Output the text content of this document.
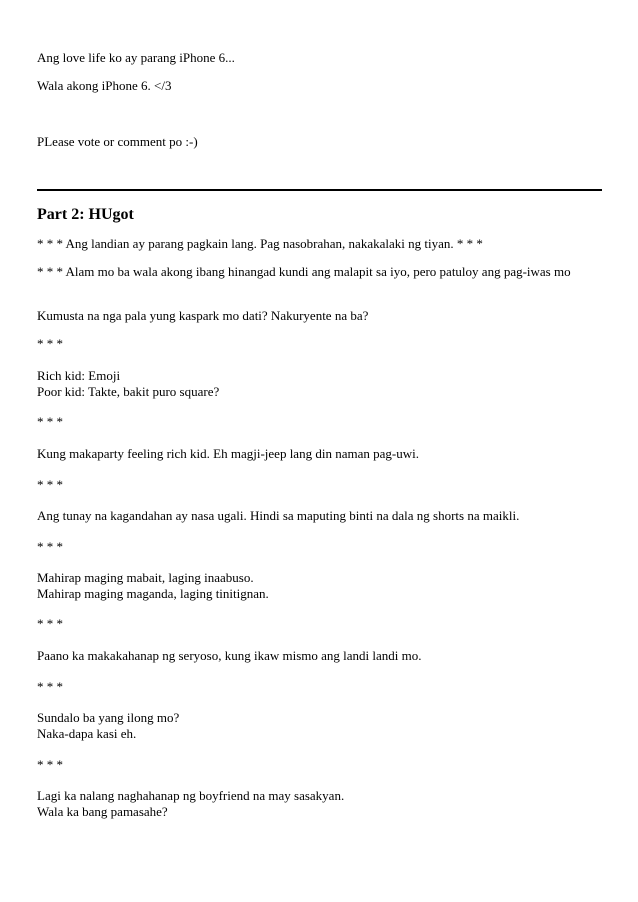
Ang love life ko ay parang iPhone 6...

Wala akong iPhone 6. </3

PLease vote or comment po :-)

Part 2: HUgot

* * * Ang landian ay parang pagkain lang. Pag nasobrahan, nakakalaki ng tiyan. * * *

* * * Alam mo ba wala akong ibang hinangad kundi ang malapit sa iyo, pero patuloy ang pag-iwas mo

Kumusta na nga pala yung kaspark mo dati? Nakuryente na ba?

* * *

Rich kid: Emoji

Poor kid: Takte, bakit puro square?

* * *

Kung makaparty feeling rich kid. Eh magji-jeep lang din naman pag-uwi.

* * *

Ang tunay na kagandahan ay nasa ugali. Hindi sa maputing binti na dala ng shorts na maikli.

* * *

Mahirap maging mabait, laging inaabuso.

Mahirap maging maganda, laging tinitignan.

* * *

Paano ka makakahanap ng seryoso, kung ikaw mismo ang landi landi mo.

* * *

Sundalo ba yang ilong mo?

Naka-dapa kasi eh.

* * *

Lagi ka nalang naghahanap ng boyfriend na may sasakyan.

Wala ka bang pamasahe?
